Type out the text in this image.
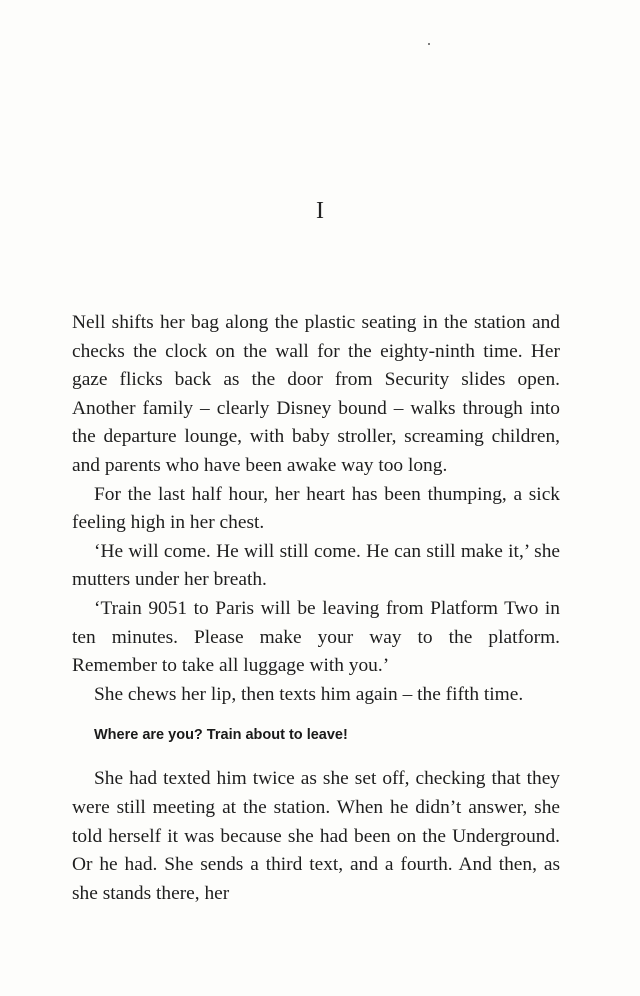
I

Nell shifts her bag along the plastic seating in the station and checks the clock on the wall for the eighty-ninth time. Her gaze flicks back as the door from Security slides open. Another family – clearly Disney bound – walks through into the departure lounge, with baby stroller, screaming children, and parents who have been awake way too long.

For the last half hour, her heart has been thumping, a sick feeling high in her chest.

‘He will come. He will still come. He can still make it,’ she mutters under her breath.

‘Train 9051 to Paris will be leaving from Platform Two in ten minutes. Please make your way to the platform. Remember to take all luggage with you.’

She chews her lip, then texts him again – the fifth time.

Where are you? Train about to leave!

She had texted him twice as she set off, checking that they were still meeting at the station. When he didn’t answer, she told herself it was because she had been on the Underground. Or he had. She sends a third text, and a fourth. And then, as she stands there, her
